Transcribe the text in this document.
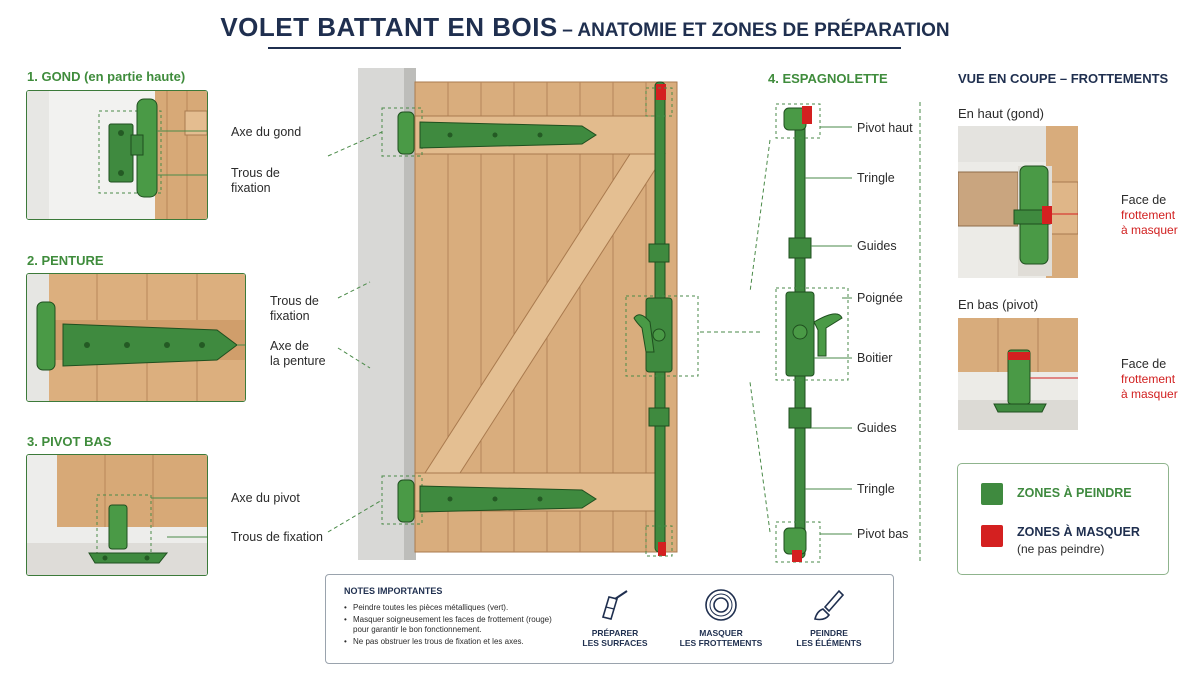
VOLET BATTANT EN BOIS – ANATOMIE ET ZONES DE PRÉPARATION
1. GOND (en partie haute)
Axe du gond
Trous de
fixation
2. PENTURE
Trous de
fixation
Axe de
la penture
3. PIVOT BAS
Axe du pivot
Trous de fixation
4. ESPAGNOLETTE
Pivot haut
Tringle
Guides
Poignée
Boitier
Guides
Tringle
Pivot bas
VUE EN COUPE – FROTTEMENTS
En haut (gond)
Face de
frottement
à masquer
En bas (pivot)
Face de
frottement
à masquer
ZONES À PEINDRE
ZONES À MASQUER
(ne pas peindre)
NOTES IMPORTANTES
• Peindre toutes les pièces métalliques (vert).
• Masquer soigneusement les faces de frottement (rouge) pour garantir le bon fonctionnement.
• Ne pas obstruer les trous de fixation et les axes.
PRÉPARER
LES SURFACES
MASQUER
LES FROTTEMENTS
PEINDRE
LES ÉLÉMENTS
